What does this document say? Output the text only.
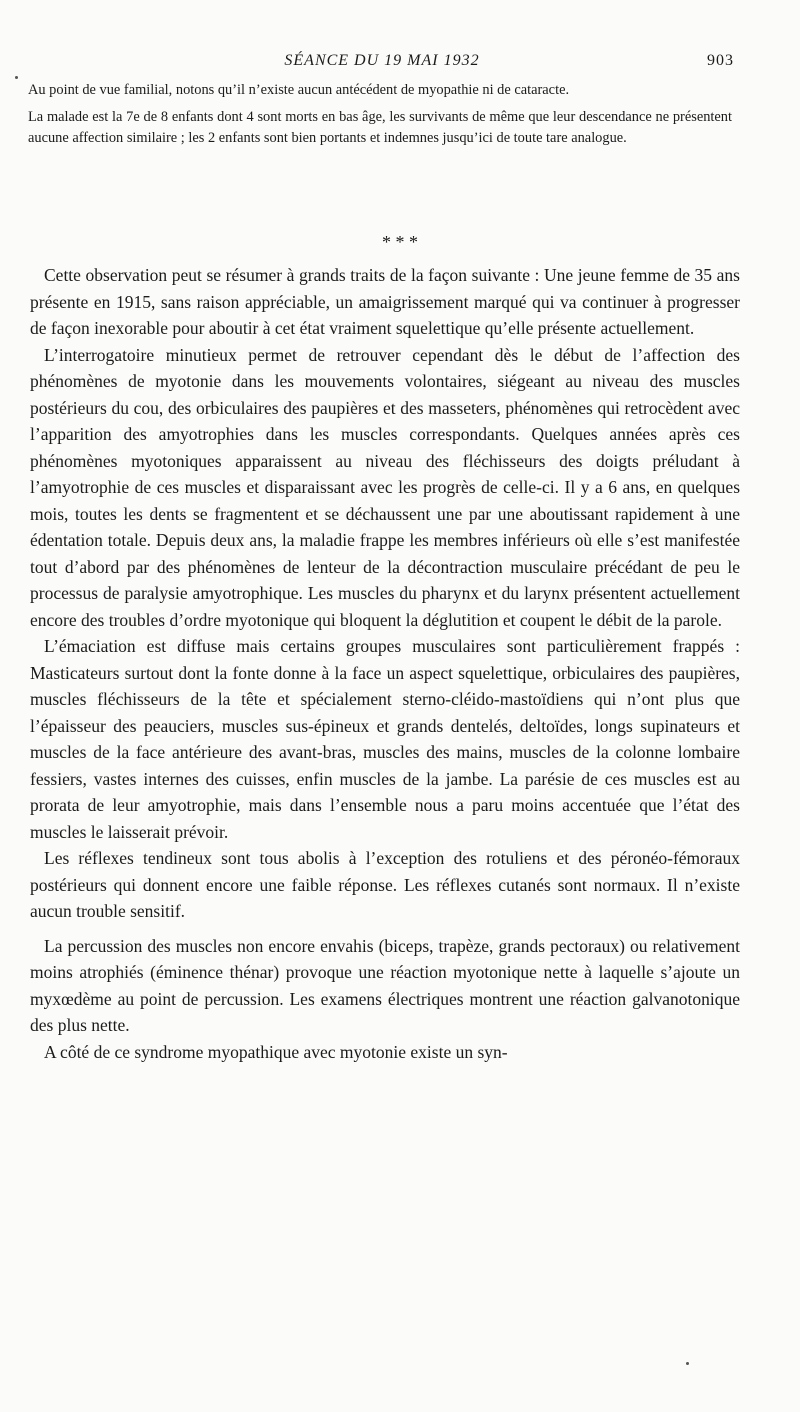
SÉANCE DU 19 MAI 1932	903

Au point de vue familial, notons qu’il n’existe aucun antécédent de myopathie ni de cataracte.

La malade est la 7e de 8 enfants dont 4 sont morts en bas âge, les survivants de même que leur descendance ne présentent aucune affection similaire ; les 2 enfants sont bien portants et indemnes jusqu’ici de toute tare analogue.

* * *

Cette observation peut se résumer à grands traits de la façon suivante : Une jeune femme de 35 ans présente en 1915, sans raison appréciable, un amaigrissement marqué qui va continuer à progresser de façon inexorable pour aboutir à cet état vraiment squelettique qu’elle présente actuellement.

L’interrogatoire minutieux permet de retrouver cependant dès le début de l’affection des phénomènes de myotonie dans les mouvements volontaires, siégeant au niveau des muscles postérieurs du cou, des orbiculaires des paupières et des masseters, phénomènes qui retrocèdent avec l’apparition des amyotrophies dans les muscles correspondants. Quelques années après ces phénomènes myotoniques apparaissent au niveau des fléchisseurs des doigts préludant à l’amyotrophie de ces muscles et disparaissant avec les progrès de celle-ci. Il y a 6 ans, en quelques mois, toutes les dents se fragmentent et se déchaussent une par une aboutissant rapidement à une édentation totale. Depuis deux ans, la maladie frappe les membres inférieurs où elle s’est manifestée tout d’abord par des phénomènes de lenteur de la décontraction musculaire précédant de peu le processus de paralysie amyotrophique. Les muscles du pharynx et du larynx présentent actuellement encore des troubles d’ordre myotonique qui bloquent la déglutition et coupent le débit de la parole.

L’émaciation est diffuse mais certains groupes musculaires sont particulièrement frappés : Masticateurs surtout dont la fonte donne à la face un aspect squelettique, orbiculaires des paupières, muscles fléchisseurs de la tête et spécialement sterno-cléido-mastoïdiens qui n’ont plus que l’épaisseur des peauciers, muscles sus-épineux et grands dentelés, deltoïdes, longs supinateurs et muscles de la face antérieure des avant-bras, muscles des mains, muscles de la colonne lombaire fessiers, vastes internes des cuisses, enfin muscles de la jambe. La parésie de ces muscles est au prorata de leur amyotrophie, mais dans l’ensemble nous a paru moins accentuée que l’état des muscles le laisserait prévoir.

Les réflexes tendineux sont tous abolis à l’exception des rotuliens et des péronéo-fémoraux postérieurs qui donnent encore une faible réponse. Les réflexes cutanés sont normaux. Il n’existe aucun trouble sensitif.

La percussion des muscles non encore envahis (biceps, trapèze, grands pectoraux) ou relativement moins atrophiés (éminence thénar) provoque une réaction myotonique nette à laquelle s’ajoute un myxœdème au point de percussion. Les examens électriques montrent une réaction galvanotonique des plus nette.

A côté de ce syndrome myopathique avec myotonie existe un syn-
